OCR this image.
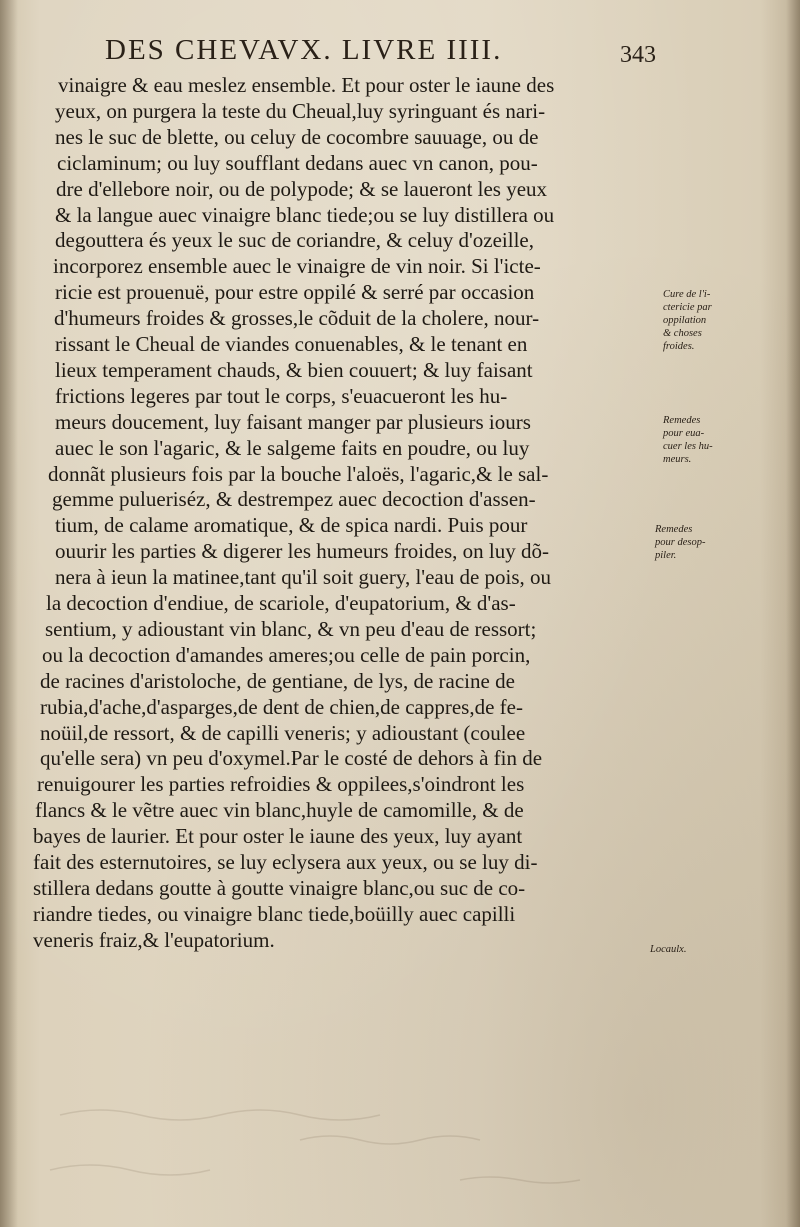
DES CHEVAVX. LIVRE IIII.	343
vinaigre & eau meslez ensemble. Et pour oster le iaune des
yeux, on purgera la teste du Cheual,luy syringuant és nari-
nes le suc de blette, ou celuy de cocombre sauuage, ou de
ciclaminum; ou luy soufflant dedans auec vn canon, pou-
dre d'ellebore noir, ou de polypode; & se laueront les yeux
& la langue auec vinaigre blanc tiede;ou se luy distillera ou
degouttera és yeux le suc de coriandre, & celuy d'ozeille,
incorporez ensemble auec le vinaigre de vin noir. Si l'icte-
ricie est prouenuë, pour estre oppilé & serré par occasion
d'humeurs froides & grosses,le cõduit de la cholere, nour-
rissant le Cheual de viandes conuenables, & le tenant en
lieux temperament chauds, & bien couuert; & luy faisant
frictions legeres par tout le corps, s'euacueront les hu-
meurs doucement, luy faisant manger par plusieurs iours
auec le son l'agaric, & le salgeme faits en poudre, ou luy
donnãt plusieurs fois par la bouche l'aloës, l'agaric,& le sal-
gemme pulueriséz, & destrempez auec decoction d'assen-
tium, de calame aromatique, & de spica nardi. Puis pour
ouurir les parties & digerer les humeurs froides, on luy dõ-
nera à ieun la matinee,tant qu'il soit guery, l'eau de pois, ou
la decoction d'endiue, de scariole, d'eupatorium, & d'as-
sentium, y adioustant vin blanc, & vn peu d'eau de ressort;
ou la decoction d'amandes ameres;ou celle de pain porcin,
de racines d'aristoloche, de gentiane, de lys, de racine de
rubia,d'ache,d'asparges,de dent de chien,de cappres,de fe-
noüil,de ressort, & de capilli veneris; y adioustant (coulee
qu'elle sera) vn peu d'oxymel.Par le costé de dehors à fin de
renuigourer les parties refroidies & oppilees,s'oindront les
flancs & le vẽtre auec vin blanc,huyle de camomille, & de
bayes de laurier. Et pour oster le iaune des yeux, luy ayant
fait des esternutoires, se luy eclysera aux yeux, ou se luy di-
stillera dedans goutte à goutte vinaigre blanc,ou suc de co-
riandre tiedes, ou vinaigre blanc tiede,boüilly auec capilli
veneris fraiz,& l'eupatorium.
Cure de l'i-
ctericie par
oppilation
& choses
froides.
Remedes
pour eua-
cuer les hu-
meurs.
Remedes
pour desop-
piler.
Locaulx.
